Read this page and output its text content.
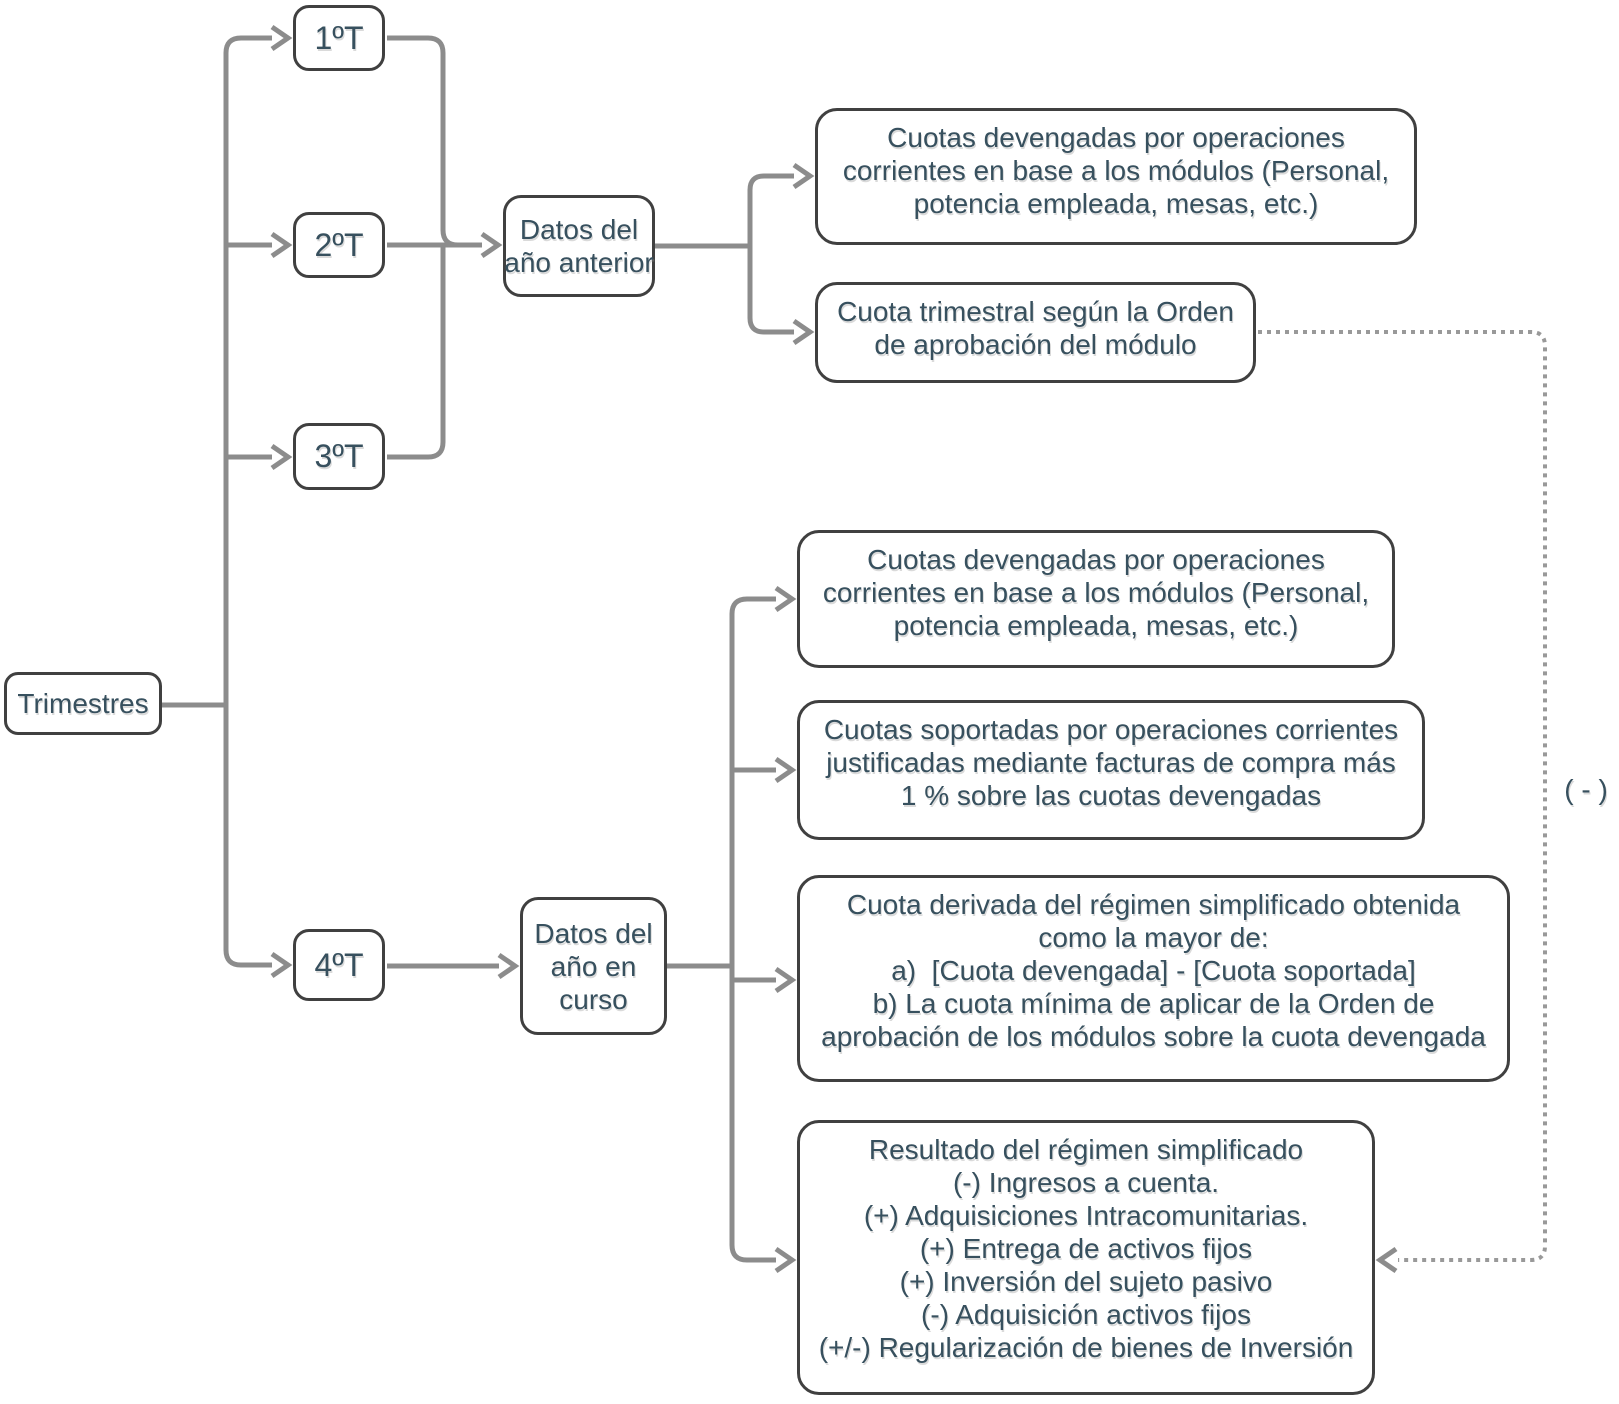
Trimestres
1ºT
2ºT
3ºT
4ºT
Datos del
año anterior
Datos del
año en
curso
Cuotas devengadas por operaciones
corrientes en base a los módulos (Personal,
potencia empleada, mesas, etc.)
Cuota trimestral según la Orden
de aprobación del módulo
Cuotas devengadas por operaciones
corrientes en base a los módulos (Personal,
potencia empleada, mesas, etc.)
Cuotas soportadas por operaciones corrientes
justificadas mediante facturas de compra más
1 % sobre las cuotas devengadas
Cuota derivada del régimen simplificado obtenida
como la mayor de:
a)  [Cuota devengada] - [Cuota soportada]
b) La cuota mínima de aplicar de la Orden de
aprobación de los módulos sobre la cuota devengada
Resultado del régimen simplificado
(-) Ingresos a cuenta.
(+) Adquisiciones Intracomunitarias.
(+) Entrega de activos fijos
(+) Inversión del sujeto pasivo
(-) Adquisición activos fijos
(+/-) Regularización de bienes de Inversión
( - )
